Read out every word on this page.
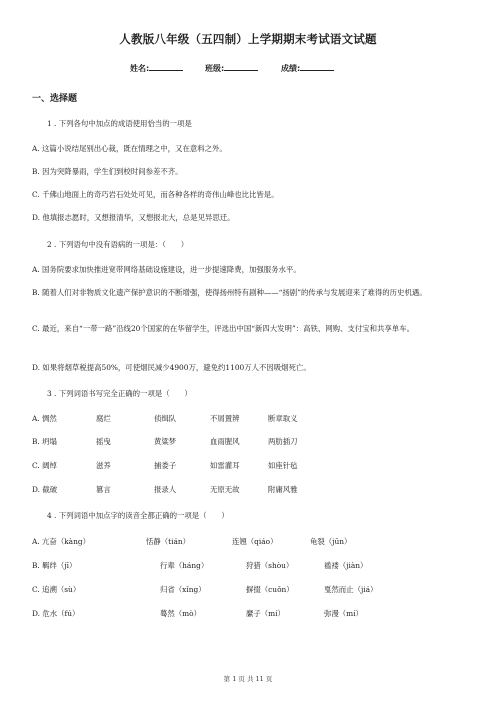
人教版八年级（五四制）上学期期末考试语文试题
姓名:	班级:	成绩:
一、选择题
1 . 下列各句中加点的成语使用恰当的一项是
A. 这篇小说结尾别出心裁，既在情理之中，又在意料之外。
B. 因为突降暴雨，学生们到校时间参差不齐。
C. 千佛山地面上的奇巧岩石处处可见，而各种各样的奇伟山峰也比比皆是。
D. 他填报志愿时，又想报清华，又想报北大，总是见异思迁。
2 . 下列语句中没有语病的一项是：（　　）
A. 国务院要求加快推进宽带网络基础设施建设，进一步提速降费，加强服务水平。
B. 随着人们对非物质文化遗产保护意识的不断增强，使得扬州特有剧种——“扬剧”的传承与发展迎来了难得的历史机遇。
C. 最近，来自“一带一路”沿线20个国家的在华留学生，评选出中国“新四大发明”：高铁、网购、支付宝和共享单车。
D. 如果将烟草税提高50%，可使烟民减少4900万，避免约1100万人不因吸烟死亡。
3 . 下列词语书写完全正确的一项是（　　）
A. 惆然	腐烂	侦缉队	不屑置辨	断章取义
B. 坍塌	摇曳	黄粱梦	血雨腥风	两肋插刀
C. 阔绰	滋养	捕娄子	如雷灌耳	如座针毡
D. 截破	篡言	报录人	无原无故	附庸风雅
4 . 下列词语中加点字的读音全都正确的一项是（　　）
A. 亢奋（kàng）	恬静（tián）	连翘（qiáo）	龟裂（jūn）
B. 羁绊（jī）	行辈（háng）	狩猎（shòu）	褴褛（jiàn）
C. 追溯（sù）	归省（xǐng）	摒掇（cuǒn）	戛然而止（jiá）
D. 危水（fú）	蓦然（mò）	縻子（mí）	弥漫（mí）
第 1 页 共 11 页
